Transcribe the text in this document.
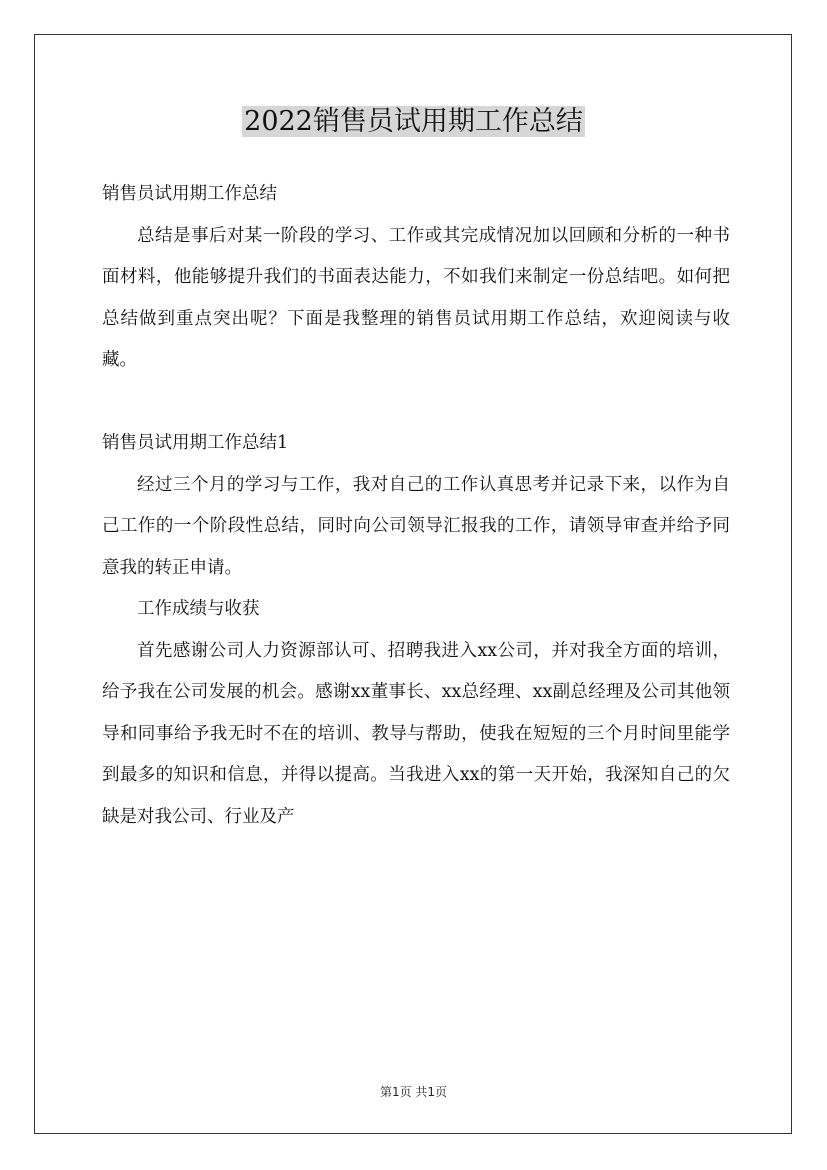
2022销售员试用期工作总结

销售员试用期工作总结

总结是事后对某一阶段的学习、工作或其完成情况加以回顾和分析的一种书面材料，他能够提升我们的书面表达能力，不如我们来制定一份总结吧。如何把总结做到重点突出呢？下面是我整理的销售员试用期工作总结，欢迎阅读与收藏。

销售员试用期工作总结1

经过三个月的学习与工作，我对自己的工作认真思考并记录下来，以作为自己工作的一个阶段性总结，同时向公司领导汇报我的工作，请领导审查并给予同意我的转正申请。

工作成绩与收获

首先感谢公司人力资源部认可、招聘我进入xx公司，并对我全方面的培训，给予我在公司发展的机会。感谢xx董事长、xx总经理、xx副总经理及公司其他领导和同事给予我无时不在的培训、教导与帮助，使我在短短的三个月时间里能学到最多的知识和信息，并得以提高。当我进入xx的第一天开始，我深知自己的欠缺是对我公司、行业及产

第1页 共1页
